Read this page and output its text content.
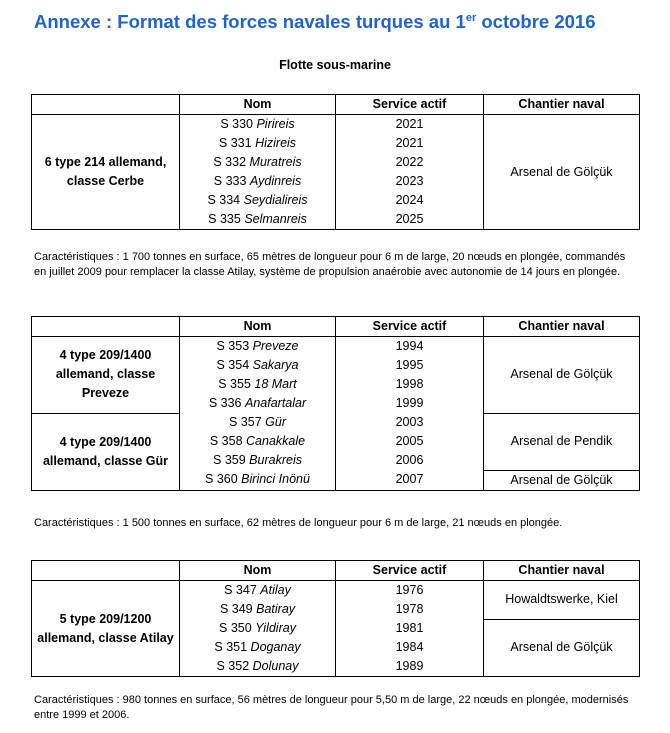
Annexe : Format des forces navales turques au 1er octobre 2016
Flotte sous-marine
	Nom	Service actif	Chantier naval
6 type 214 allemand, classe Cerbe	S 330 Pirireis	2021	Arsenal de Gölçük
	S 331 Hizireis	2021	
	S 332 Muratreis	2022	
	S 333 Aydinreis	2023	
	S 334 Seydialireis	2024	
	S 335 Selmanreis	2025	
Caractéristiques : 1 700 tonnes en surface, 65 mètres de longueur pour 6 m de large, 20 nœuds en plongée, commandés en juillet 2009 pour remplacer la classe Atilay, système de propulsion anaérobie avec autonomie de 14 jours en plongée.
	Nom	Service actif	Chantier naval
4 type 209/1400 allemand, classe Preveze	S 353 Preveze	1994	Arsenal de Gölçük
	S 354 Sakarya	1995	
	S 355 18 Mart	1998	
	S 336 Anafartalar	1999	
4 type 209/1400 allemand, classe Gür	S 357 Gür	2003	Arsenal de Pendik
	S 358 Canakkale	2005	
	S 359 Burakreis	2006	
	S 360 Birinci Inönü	2007	Arsenal de Gölçük
Caractéristiques : 1 500 tonnes en surface, 62 mètres de longueur pour 6 m de large, 21 nœuds en plongée.
	Nom	Service actif	Chantier naval
5 type 209/1200 allemand, classe Atilay	S 347 Atilay	1976	Howaldtswerke, Kiel
	S 349 Batiray	1978	
	S 350 Yildiray	1981	Arsenal de Gölçük
	S 351 Doganay	1984	
	S 352 Dolunay	1989	
Caractéristiques : 980 tonnes en surface, 56 mètres de longueur pour 5,50 m de large, 22 nœuds en plongée, modernisés entre 1999 et 2006.
